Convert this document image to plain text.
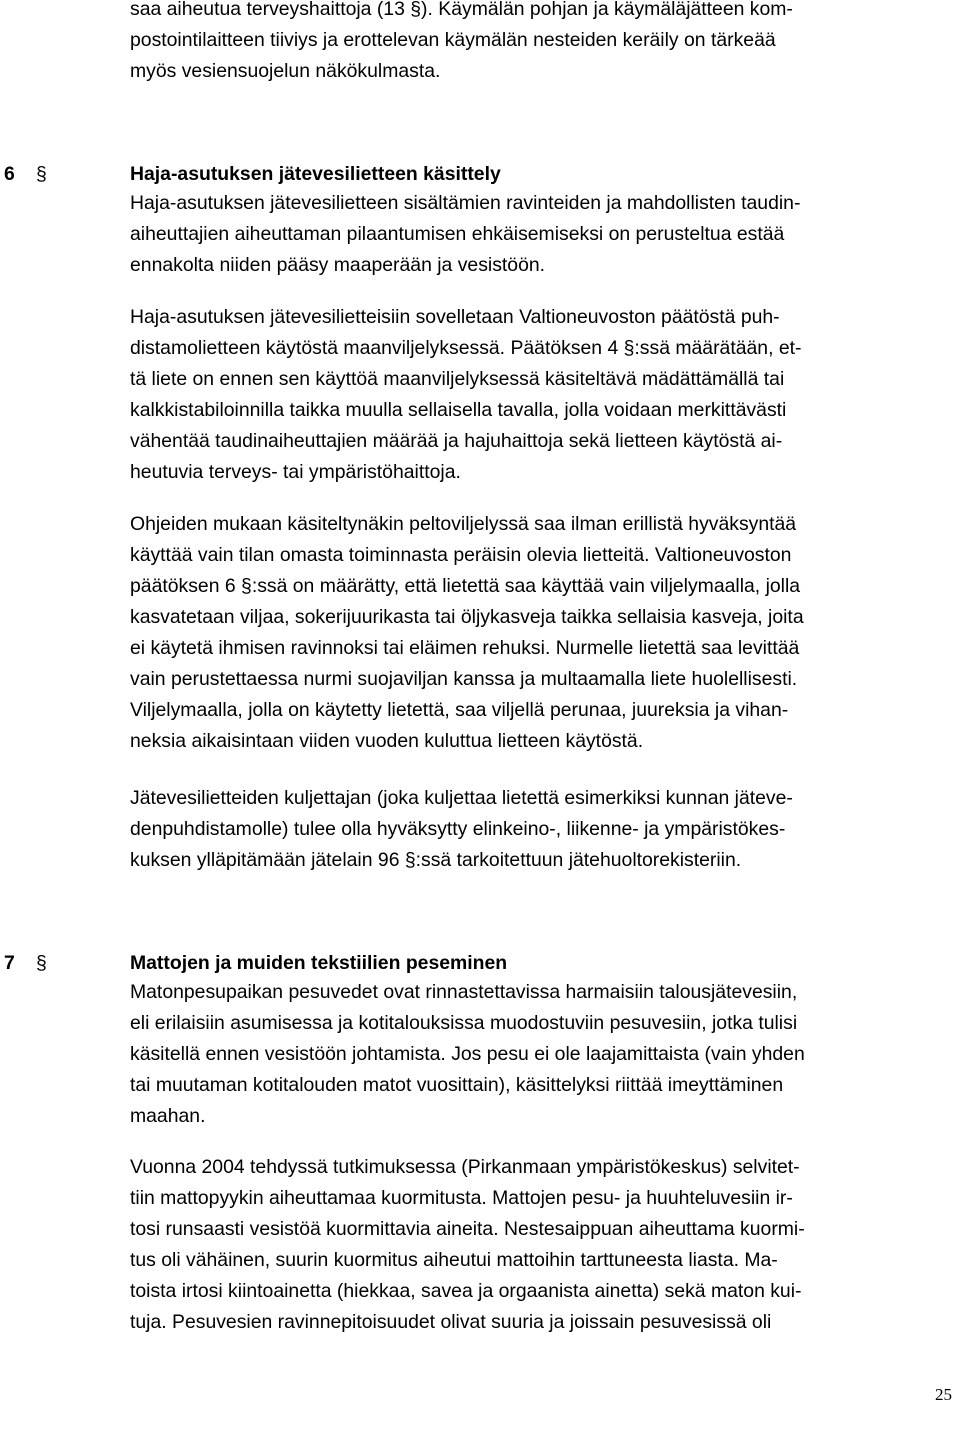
saa aiheutua terveyshaittoja (13 §). Käymälän pohjan ja käymäläjätteen kom-
postointilaitteen tiiviys ja erottelevan käymälän nesteiden keräily on tärkeää
myös vesiensuojelun näkökulmasta.

6 §	Haja-asutuksen jätevesilietteen käsittely

Haja-asutuksen jätevesilietteen sisältämien ravinteiden ja mahdollisten taudin-
aiheuttajien aiheuttaman pilaantumisen ehkäisemiseksi on perusteltua estää
ennakolta niiden pääsy maaperään ja vesistöön.

Haja-asutuksen jätevesilietteisiin sovelletaan Valtioneuvoston päätöstä puh-
distamolietteen käytöstä maanviljelyksessä. Päätöksen 4 §:ssä määrätään, et-
tä liete on ennen sen käyttöä maanviljelyksessä käsiteltävä mädättämällä tai
kalkkistabiloinnilla taikka muulla sellaisella tavalla, jolla voidaan merkittävästi
vähentää taudinaiheuttajien määrää ja hajuhaittoja sekä lietteen käytöstä ai-
heutuvia terveys- tai ympäristöhaittoja.

Ohjeiden mukaan käsiteltynäkin peltoviljelyssä saa ilman erillistä hyväksyntää
käyttää vain tilan omasta toiminnasta peräisin olevia lietteitä. Valtioneuvoston
päätöksen 6 §:ssä on määrätty, että lietettä saa käyttää vain viljelymaalla, jolla
kasvatetaan viljaa, sokerijuurikasta tai öljykasveja taikka sellaisia kasveja, joita
ei käytetä ihmisen ravinnoksi tai eläimen rehuksi. Nurmelle lietettä saa levittää
vain perustettaessa nurmi suojaviljan kanssa ja multaamalla liete huolellisesti.
Viljelymaalla, jolla on käytetty lietettä, saa viljellä perunaa, juureksia ja vihan-
neksia aikaisintaan viiden vuoden kuluttua lietteen käytöstä.

Jätevesilietteiden kuljettajan (joka kuljettaa lietettä esimerkiksi kunnan jäteve-
denpuhdistamolle) tulee olla hyväksytty elinkeino-, liikenne- ja ympäristökes-
kuksen ylläpitämään jätelain 96 §:ssä tarkoitettuun jätehuoltorekisteriin.

7 §	Mattojen ja muiden tekstiilien peseminen

Matonpesupaikan pesuvedet ovat rinnastettavissa harmaisiin talousjätevesiin,
eli erilaisiin asumisessa ja kotitalouksissa muodostuviin pesuvesiin, jotka tulisi
käsitellä ennen vesistöön johtamista. Jos pesu ei ole laajamittaista (vain yhden
tai muutaman kotitalouden matot vuosittain), käsittelyksi riittää imeyttäminen
maahan.

Vuonna 2004 tehdyssä tutkimuksessa (Pirkanmaan ympäristökeskus) selvitet-
tiin mattopyykin aiheuttamaa kuormitusta. Mattojen pesu- ja huuhteluvesiin ir-
tosi runsaasti vesistöä kuormittavia aineita. Nestesaippuan aiheuttama kuormi-
tus oli vähäinen, suurin kuormitus aiheutui mattoihin tarttuneesta liasta. Ma-
toista irtosi kiintoainetta (hiekkaa, savea ja orgaanista ainetta) sekä maton kui-
tuja. Pesuvesien ravinnepitoisuudet olivat suuria ja joissain pesuvesissä oli

25
